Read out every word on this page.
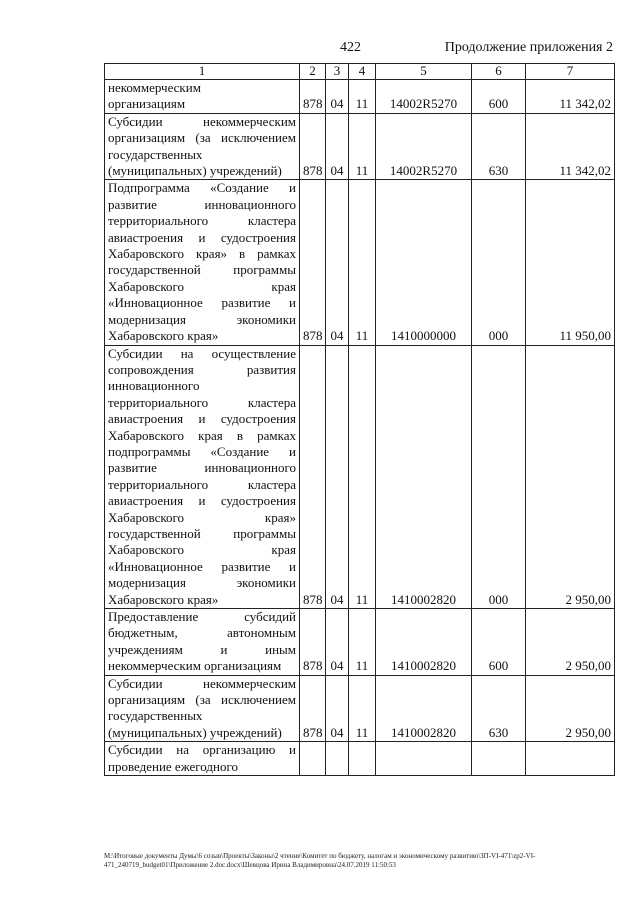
422	Продолжение приложения 2
1	2	3	4	5	6	7
некоммерческим
организациям	878	04	11	14002R5270	600	11 342,02
Субсидии некоммерческим организациям (за исключением государственных (муниципальных) учреждений)	878	04	11	14002R5270	630	11 342,02
Подпрограмма «Создание и развитие инновационного территориального кластера авиастроения и судостроения Хабаровского края» в рамках государственной программы Хабаровского края «Инновационное развитие и модернизация экономики Хабаровского края»	878	04	11	1410000000	000	11 950,00
Субсидии на осуществление сопровождения развития инновационного территориального кластера авиастроения и судостроения Хабаровского края в рамках подпрограммы «Создание и развитие инновационного территориального кластера авиастроения и судостроения Хабаровского края» государственной программы Хабаровского края «Инновационное развитие и модернизация экономики Хабаровского края»	878	04	11	1410002820	000	2 950,00
Предоставление субсидий бюджетным, автономным учреждениям и иным некоммерческим организациям	878	04	11	1410002820	600	2 950,00
Субсидии некоммерческим организациям (за исключением государственных (муниципальных) учреждений)	878	04	11	1410002820	630	2 950,00
Субсидии на организацию и проведение ежегодного						
М:\Итоговые документы Думы\6 созыв\Проекты\Законы\2 чтение\Комитет по бюджету, налогам и экономическому развитию\ЗП-VI-471\zp2-VI-471_240719_budget01\Приложение 2.doc.docx\Шевцова Ирина Владимировна\24.07.2019 11:50:53
